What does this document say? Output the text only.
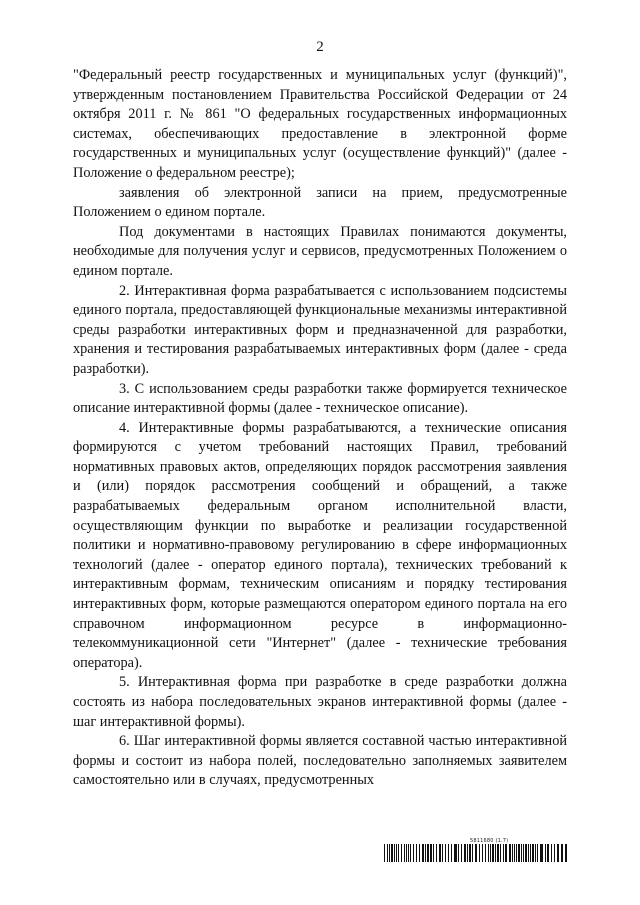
2

"Федеральный реестр государственных и муниципальных услуг (функций)", утвержденным постановлением Правительства Российской Федерации от 24 октября 2011 г. № 861 "О федеральных государственных информационных системах, обеспечивающих предоставление в электронной форме государственных и муниципальных услуг (осуществление функций)" (далее - Положение о федеральном реестре);

заявления об электронной записи на прием, предусмотренные Положением о едином портале.

Под документами в настоящих Правилах понимаются документы, необходимые для получения услуг и сервисов, предусмотренных Положением о едином портале.

2. Интерактивная форма разрабатывается с использованием подсистемы единого портала, предоставляющей функциональные механизмы интерактивной среды разработки интерактивных форм и предназначенной для разработки, хранения и тестирования разрабатываемых интерактивных форм (далее - среда разработки).

3. С использованием среды разработки также формируется техническое описание интерактивной формы (далее - техническое описание).

4. Интерактивные формы разрабатываются, а технические описания формируются с учетом требований настоящих Правил, требований нормативных правовых актов, определяющих порядок рассмотрения заявления и (или) порядок рассмотрения сообщений и обращений, а также разрабатываемых федеральным органом исполнительной власти, осуществляющим функции по выработке и реализации государственной политики и нормативно-правовому регулированию в сфере информационных технологий (далее - оператор единого портала), технических требований к интерактивным формам, техническим описаниям и порядку тестирования интерактивных форм, которые размещаются оператором единого портала на его справочном информационном ресурсе в информационно-телекоммуникационной сети "Интернет" (далее - технические требования оператора).

5. Интерактивная форма при разработке в среде разработки должна состоять из набора последовательных экранов интерактивной формы (далее - шаг интерактивной формы).

6. Шаг интерактивной формы является составной частью интерактивной формы и состоит из набора полей, последовательно заполняемых заявителем самостоятельно или в случаях, предусмотренных

5811680 (1.7)
